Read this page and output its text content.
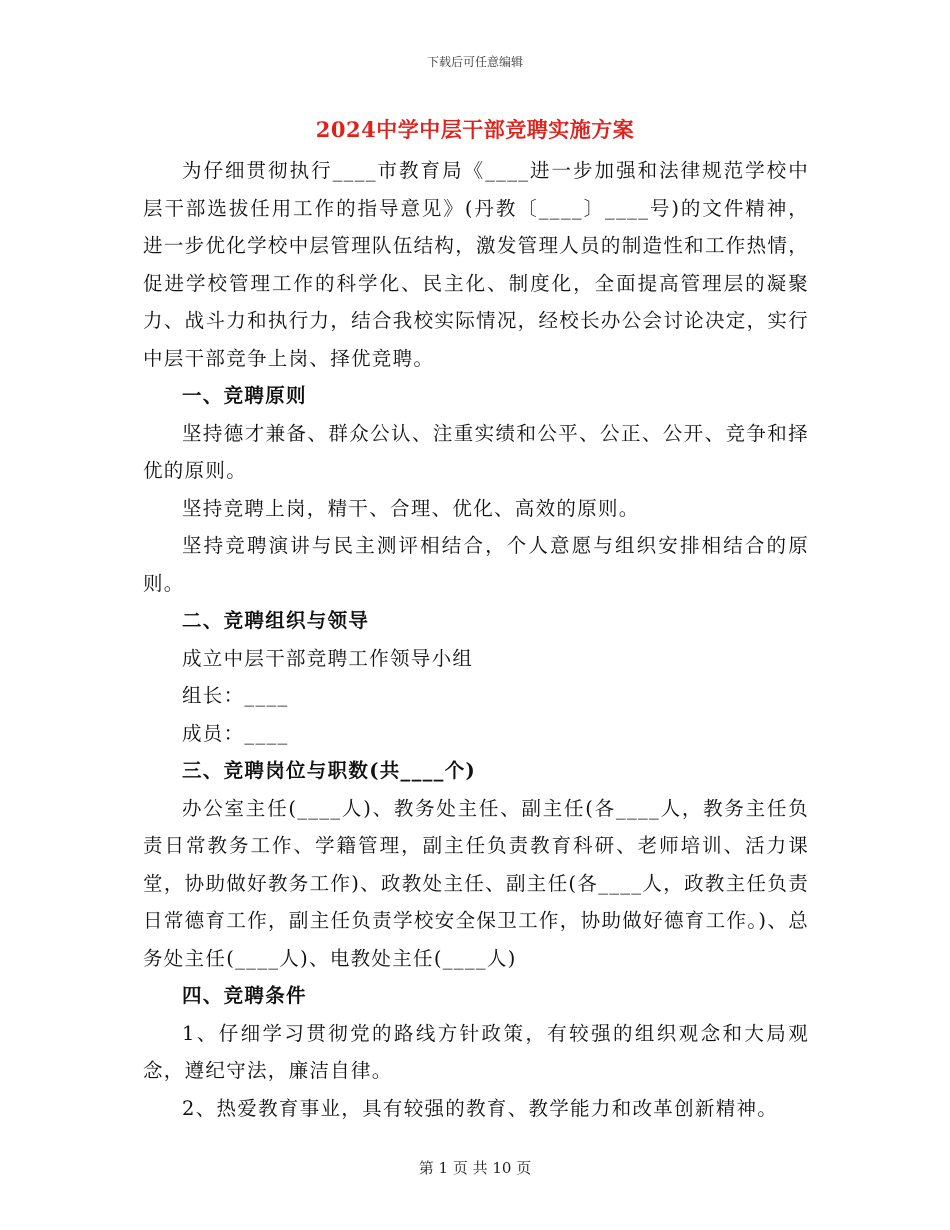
下载后可任意编辑
2024中学中层干部竞聘实施方案

为仔细贯彻执行____市教育局《____进一步加强和法律规范学校中层干部选拔任用工作的指导意见》(丹教〔____〕____号)的文件精神，进一步优化学校中层管理队伍结构，激发管理人员的制造性和工作热情，促进学校管理工作的科学化、民主化、制度化，全面提高管理层的凝聚力、战斗力和执行力，结合我校实际情况，经校长办公会讨论决定，实行中层干部竞争上岗、择优竞聘。

一、竞聘原则

坚持德才兼备、群众公认、注重实绩和公平、公正、公开、竞争和择优的原则。

坚持竞聘上岗，精干、合理、优化、高效的原则。

坚持竞聘演讲与民主测评相结合，个人意愿与组织安排相结合的原则。

二、竞聘组织与领导

成立中层干部竞聘工作领导小组

组长：____

成员：____

三、竞聘岗位与职数(共____个)

办公室主任(____人)、教务处主任、副主任(各____人，教务主任负责日常教务工作、学籍管理，副主任负责教育科研、老师培训、活力课堂，协助做好教务工作)、政教处主任、副主任(各____人，政教主任负责日常德育工作，副主任负责学校安全保卫工作，协助做好德育工作。)、总务处主任(____人)、电教处主任(____人)

四、竞聘条件

1、仔细学习贯彻党的路线方针政策，有较强的组织观念和大局观念，遵纪守法，廉洁自律。

2、热爱教育事业，具有较强的教育、教学能力和改革创新精神。

第 1 页 共 10 页
